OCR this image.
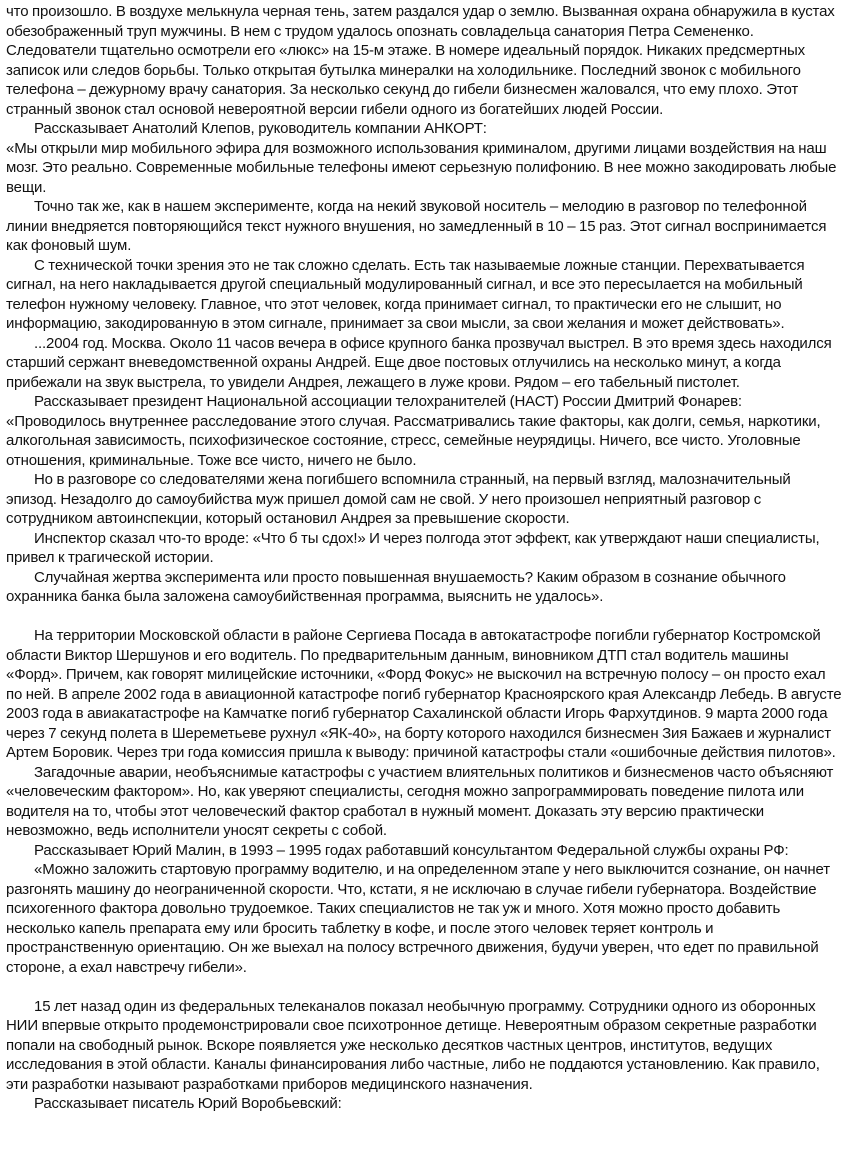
что произошло. В воздухе мелькнула черная тень, затем раздался удар о землю. Вызванная охрана обнаружила в кустах обезображенный труп мужчины. В нем с трудом удалось опознать совладельца санатория Петра Семененко. Следователи тщательно осмотрели его «люкс» на 15-м этаже. В номере идеальный порядок. Никаких предсмертных записок или следов борьбы. Только открытая бутылка минералки на холодильнике. Последний звонок с мобильного телефона – дежурному врачу санатория. За несколько секунд до гибели бизнесмен жаловался, что ему плохо. Этот странный звонок стал основой невероятной версии гибели одного из богатейших людей России.

Рассказывает Анатолий Клепов, руководитель компании АНКОРТ:

«Мы открыли мир мобильного эфира для возможного использования криминалом, другими лицами воздействия на наш мозг. Это реально. Современные мобильные телефоны имеют серьезную полифонию. В нее можно закодировать любые вещи.

Точно так же, как в нашем эксперименте, когда на некий звуковой носитель – мелодию в разговор по телефонной линии внедряется повторяющийся текст нужного внушения, но замедленный в 10 – 15 раз. Этот сигнал воспринимается как фоновый шум.

С технической точки зрения это не так сложно сделать. Есть так называемые ложные станции. Перехватывается сигнал, на него накладывается другой специальный модулированный сигнал, и все это пересылается на мобильный телефон нужному человеку. Главное, что этот человек, когда принимает сигнал, то практически его не слышит, но информацию, закодированную в этом сигнале, принимает за свои мысли, за свои желания и может действовать».

...2004 год. Москва. Около 11 часов вечера в офисе крупного банка прозвучал выстрел. В это время здесь находился старший сержант вневедомственной охраны Андрей. Еще двое постовых отлучились на несколько минут, а когда прибежали на звук выстрела, то увидели Андрея, лежащего в луже крови. Рядом – его табельный пистолет.

Рассказывает президент Национальной ассоциации телохранителей (НАСТ) России Дмитрий Фонарев:

«Проводилось внутреннее расследование этого случая. Рассматривались такие факторы, как долги, семья, наркотики, алкогольная зависимость, психофизическое состояние, стресс, семейные неурядицы. Ничего, все чисто. Уголовные отношения, криминальные. Тоже все чисто, ничего не было.

Но в разговоре со следователями жена погибшего вспомнила странный, на первый взгляд, малозначительный эпизод. Незадолго до самоубийства муж пришел домой сам не свой. У него произошел неприятный разговор с сотрудником автоинспекции, который остановил Андрея за превышение скорости.

Инспектор сказал что-то вроде: «Что б ты сдох!» И через полгода этот эффект, как утверждают наши специалисты, привел к трагической истории.

Случайная жертва эксперимента или просто повышенная внушаемость? Каким образом в сознание обычного охранника банка была заложена самоубийственная программа, выяснить не удалось».

На территории Московской области в районе Сергиева Посада в автокатастрофе погибли губернатор Костромской области Виктор Шершунов и его водитель. По предварительным данным, виновником ДТП стал водитель машины «Форд». Причем, как говорят милицейские источники, «Форд Фокус» не выскочил на встречную полосу – он просто ехал по ней. В апреле 2002 года в авиационной катастрофе погиб губернатор Красноярского края Александр Лебедь. В августе 2003 года в авиакатастрофе на Камчатке погиб губернатор Сахалинской области Игорь Фархутдинов. 9 марта 2000 года через 7 секунд полета в Шереметьеве рухнул «ЯК-40», на борту которого находился бизнесмен Зия Бажаев и журналист Артем Боровик. Через три года комиссия пришла к выводу: причиной катастрофы стали «ошибочные действия пилотов».

Загадочные аварии, необъяснимые катастрофы с участием влиятельных политиков и бизнесменов часто объясняют «человеческим фактором». Но, как уверяют специалисты, сегодня можно запрограммировать поведение пилота или водителя на то, чтобы этот человеческий фактор сработал в нужный момент. Доказать эту версию практически невозможно, ведь исполнители уносят секреты с собой.

Рассказывает Юрий Малин, в 1993 – 1995 годах работавший консультантом Федеральной службы охраны РФ:

«Можно заложить стартовую программу водителю, и на определенном этапе у него выключится сознание, он начнет разгонять машину до неограниченной скорости. Что, кстати, я не исключаю в случае гибели губернатора. Воздействие психогенного фактора довольно трудоемкое. Таких специалистов не так уж и много. Хотя можно просто добавить несколько капель препарата ему или бросить таблетку в кофе, и после этого человек теряет контроль и пространственную ориентацию. Он же выехал на полосу встречного движения, будучи уверен, что едет по правильной стороне, а ехал навстречу гибели».

15 лет назад один из федеральных телеканалов показал необычную программу. Сотрудники одного из оборонных НИИ впервые открыто продемонстрировали свое психотронное детище. Невероятным образом секретные разработки попали на свободный рынок. Вскоре появляется уже несколько десятков частных центров, институтов, ведущих исследования в этой области. Каналы финансирования либо частные, либо не поддаются установлению. Как правило, эти разработки называют разработками приборов медицинского назначения.

Рассказывает писатель Юрий Воробьевский:
